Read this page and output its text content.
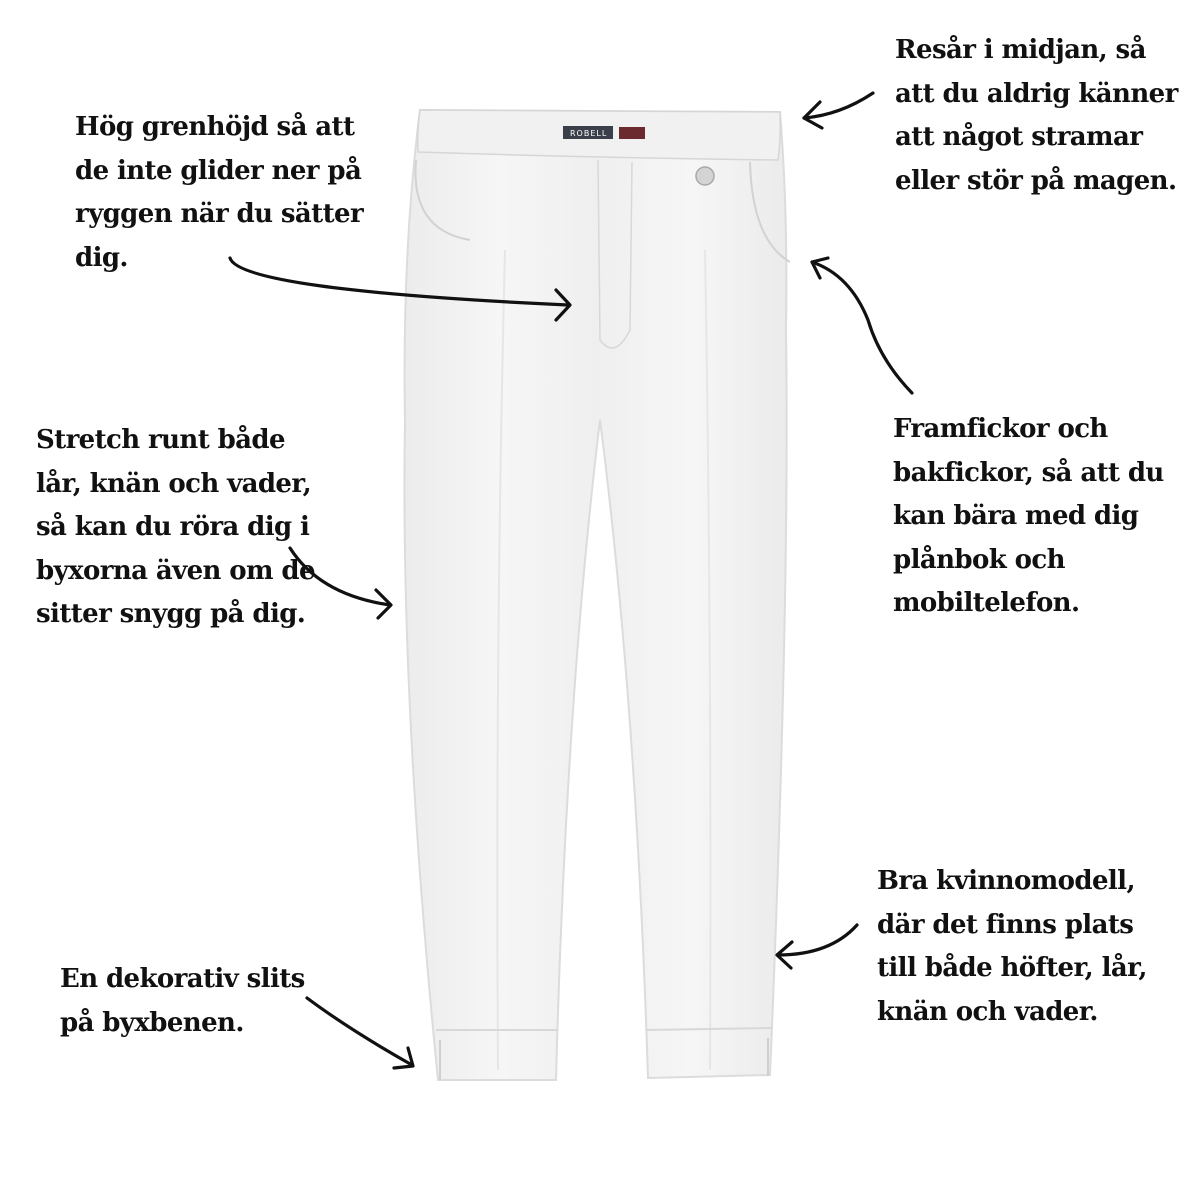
ROBELL
Hög grenhöjd så att
de inte glider ner på
ryggen när du sätter
dig.
Resår i midjan, så
att du aldrig känner
att något stramar
eller stör på magen.
Stretch runt både
lår, knän och vader,
så kan du röra dig i
byxorna även om de
sitter snygg på dig.
Framfickor och
bakfickor, så att du
kan bära med dig
plånbok och
mobiltelefon.
Bra kvinnomodell,
där det finns plats
till både höfter, lår,
knän och vader.
En dekorativ slits
på byxbenen.
